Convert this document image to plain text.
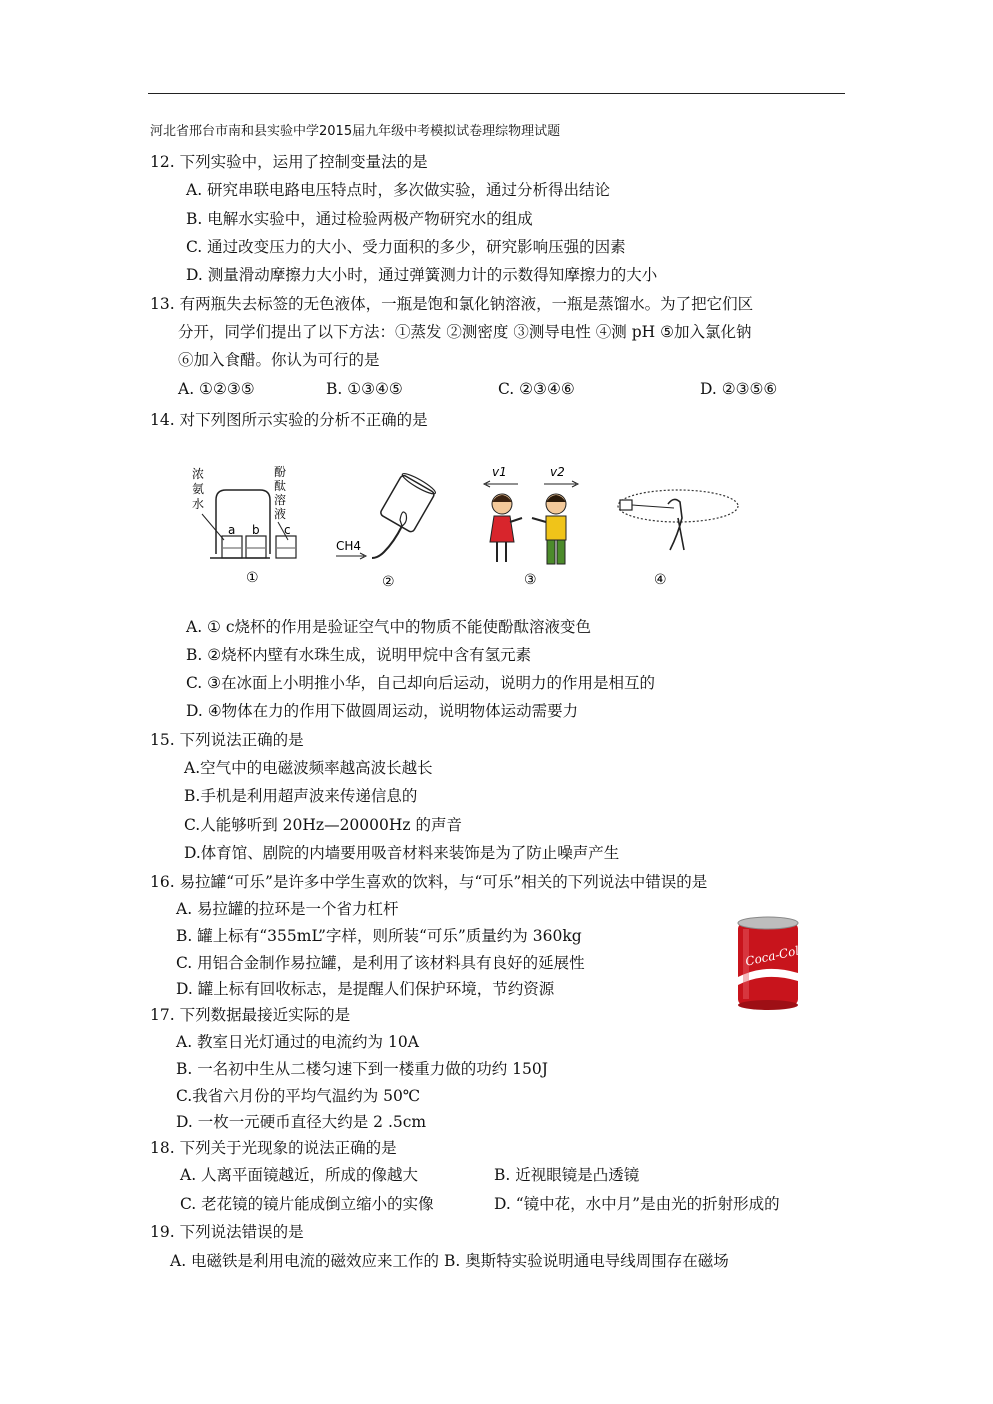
河北省邢台市南和县实验中学2015届九年级中考模拟试卷理综物理试题
12. 下列实验中，运用了控制变量法的是
A. 研究串联电路电压特点时，多次做实验，通过分析得出结论
B. 电解水实验中，通过检验两极产物研究水的组成
C. 通过改变压力的大小、受力面积的多少，研究影响压强的因素
D. 测量滑动摩擦力大小时，通过弹簧测力计的示数得知摩擦力的大小
13. 有两瓶失去标签的无色液体，一瓶是饱和氯化钠溶液，一瓶是蒸馏水。为了把它们区
分开，同学们提出了以下方法：①蒸发 ②测密度 ③测导电性 ④测 pH ⑤加入氯化钠
⑥加入食醋。你认为可行的是
A. ①②③⑤	B. ①③④⑤	C. ②③④⑥	D. ②③⑤⑥
14. 对下列图所示实验的分析不正确的是
浓
氨
水
酚
酞
溶
液
a b c
①
CH4
②
v1	v2
③	④
A. ① c烧杯的作用是验证空气中的物质不能使酚酞溶液变色
B. ②烧杯内壁有水珠生成，说明甲烷中含有氢元素
C. ③在冰面上小明推小华，自己却向后运动，说明力的作用是相互的
D. ④物体在力的作用下做圆周运动，说明物体运动需要力
15. 下列说法正确的是
A.空气中的电磁波频率越高波长越长
B.手机是利用超声波来传递信息的
C.人能够听到 20Hz—20000Hz 的声音
D.体育馆、剧院的内墙要用吸音材料来装饰是为了防止噪声产生
16. 易拉罐“可乐”是许多中学生喜欢的饮料，与“可乐”相关的下列说法中错误的是
A. 易拉罐的拉环是一个省力杠杆
B. 罐上标有“355mL”字样，则所装“可乐”质量约为 360kg
C. 用铝合金制作易拉罐，是利用了该材料具有良好的延展性
D. 罐上标有回收标志，是提醒人们保护环境，节约资源
Coca-Cola
17. 下列数据最接近实际的是
A. 教室日光灯通过的电流约为 10A
B. 一名初中生从二楼匀速下到一楼重力做的功约 150J
C.我省六月份的平均气温约为 50℃
D. 一枚一元硬币直径大约是 2 .5cm
18. 下列关于光现象的说法正确的是
A. 人离平面镜越近，所成的像越大	B. 近视眼镜是凸透镜
C. 老花镜的镜片能成倒立缩小的实像	D. “镜中花，水中月”是由光的折射形成的
19. 下列说法错误的是
A. 电磁铁是利用电流的磁效应来工作的 B. 奥斯特实验说明通电导线周围存在磁场
